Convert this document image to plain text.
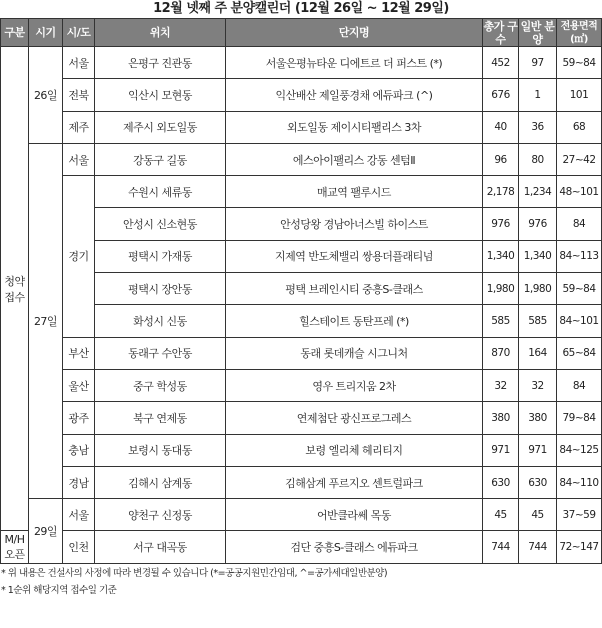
12월 넷째 주 분양캘린더 (12월 26일 ~ 12월 29일)
구분	시기	시/도	위치	단지명	총가 구수	일반 분양	전용면적 (㎡)
청약 접수	26일	서울	은평구 진관동	서울은평뉴타운 디에트르 더 퍼스트 (*)	452	97	59~84
		전북	익산시 모현동	익산배산 제일풍경채 에듀파크 (^)	676	1	101
		제주	제주시 외도일동	외도일동 제이시티팰리스 3차	40	36	68
	27일	서울	강동구 길동	에스아이팰리스 강동 센텀Ⅱ	96	80	27~42
		경기	수원시 세류동	매교역 팰루시드	2,178	1,234	48~101
			안성시 신소현동	안성당왕 경남아너스빌 하이스트	976	976	84
			평택시 가재동	지제역 반도체밸리 쌍용더플래티넘	1,340	1,340	84~113
			평택시 장안동	평택 브레인시티 중흥S-클래스	1,980	1,980	59~84
			화성시 신동	힐스테이트 동탄프레 (*)	585	585	84~101
		부산	동래구 수안동	동래 롯데캐슬 시그니처	870	164	65~84
		울산	중구 학성동	영우 트리지움 2차	32	32	84
		광주	북구 연제동	연제첨단 광신프로그레스	380	380	79~84
		충남	보령시 동대동	보령 엘리체 헤리티지	971	971	84~125
		경남	김해시 삼계동	김해삼계 푸르지오 센트럴파크	630	630	84~110
	29일	서울	양천구 신정동	어반클라쎄 목동	45	45	37~59
M/H 오픈		인천	서구 대곡동	검단 중흥S-클래스 에듀파크	744	744	72~147
* 위 내용은 건설사의 사정에 따라 변경될 수 있습니다 (*=공공지원민간임대, ^=공가세대일반분양)
* 1순위 해당지역 접수일 기준
